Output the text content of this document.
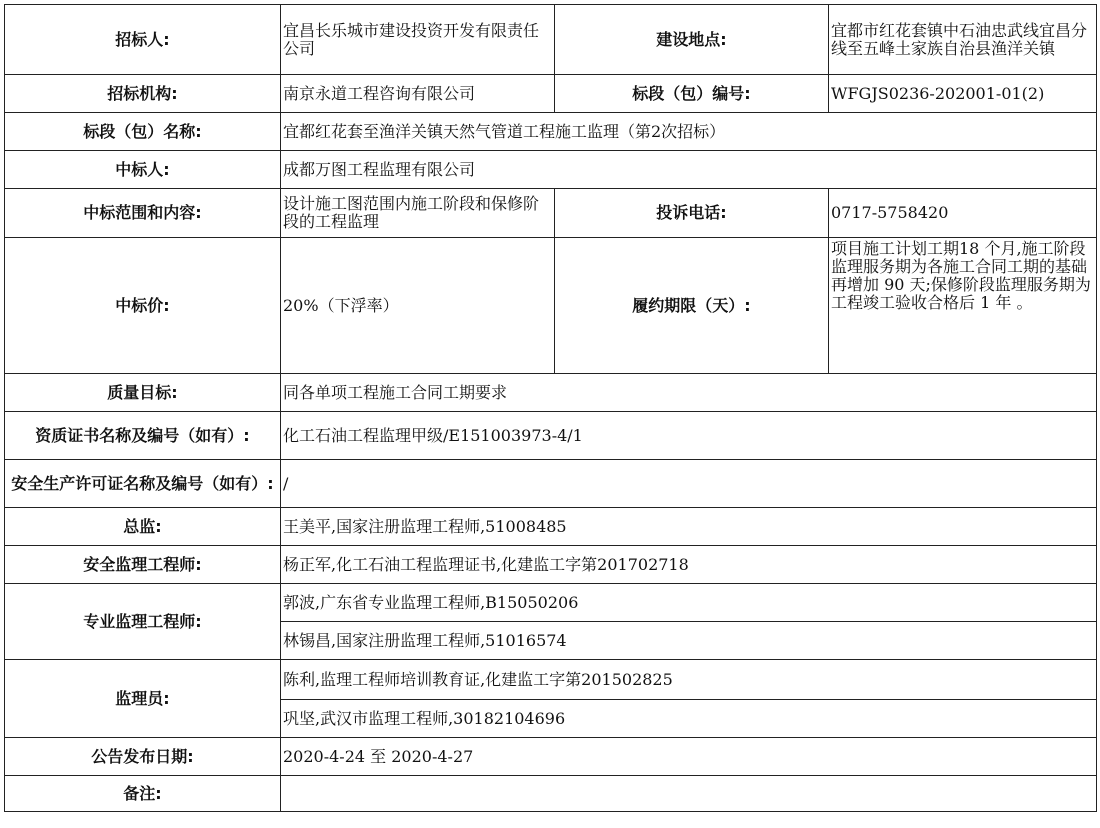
招标人:	宜昌长乐城市建设投资开发有限责任公司	建设地点:	宜都市红花套镇中石油忠武线宜昌分线至五峰土家族自治县渔洋关镇
招标机构:	南京永道工程咨询有限公司	标段（包）编号:	WFGJS0236-202001-01(2)
标段（包）名称:	宜都红花套至渔洋关镇天然气管道工程施工监理（第2次招标）		
中标人:	成都万图工程监理有限公司		
中标范围和内容:	设计施工图范围内施工阶段和保修阶段的工程监理	投诉电话:	0717-5758420
中标价:	20%（下浮率）	履约期限（天）:	项目施工计划工期18 个月,施工阶段监理服务期为各施工合同工期的基础再增加 90 天;保修阶段监理服务期为工程竣工验收合格后 1 年 。
质量目标:	同各单项工程施工合同工期要求		
资质证书名称及编号（如有）:	化工石油工程监理甲级/E151003973-4/1		
安全生产许可证名称及编号（如有）:	/		
总监:	王美平,国家注册监理工程师,51008485		
安全监理工程师:	杨正军,化工石油工程监理证书,化建监工字第201702718		
专业监理工程师:	郭波,广东省专业监理工程师,B15050206		
	林锡昌,国家注册监理工程师,51016574		
监理员:	陈利,监理工程师培训教育证,化建监工字第201502825		
	巩坚,武汉市监理工程师,30182104696		
公告发布日期:	2020-4-24 至 2020-4-27		
备注:			
